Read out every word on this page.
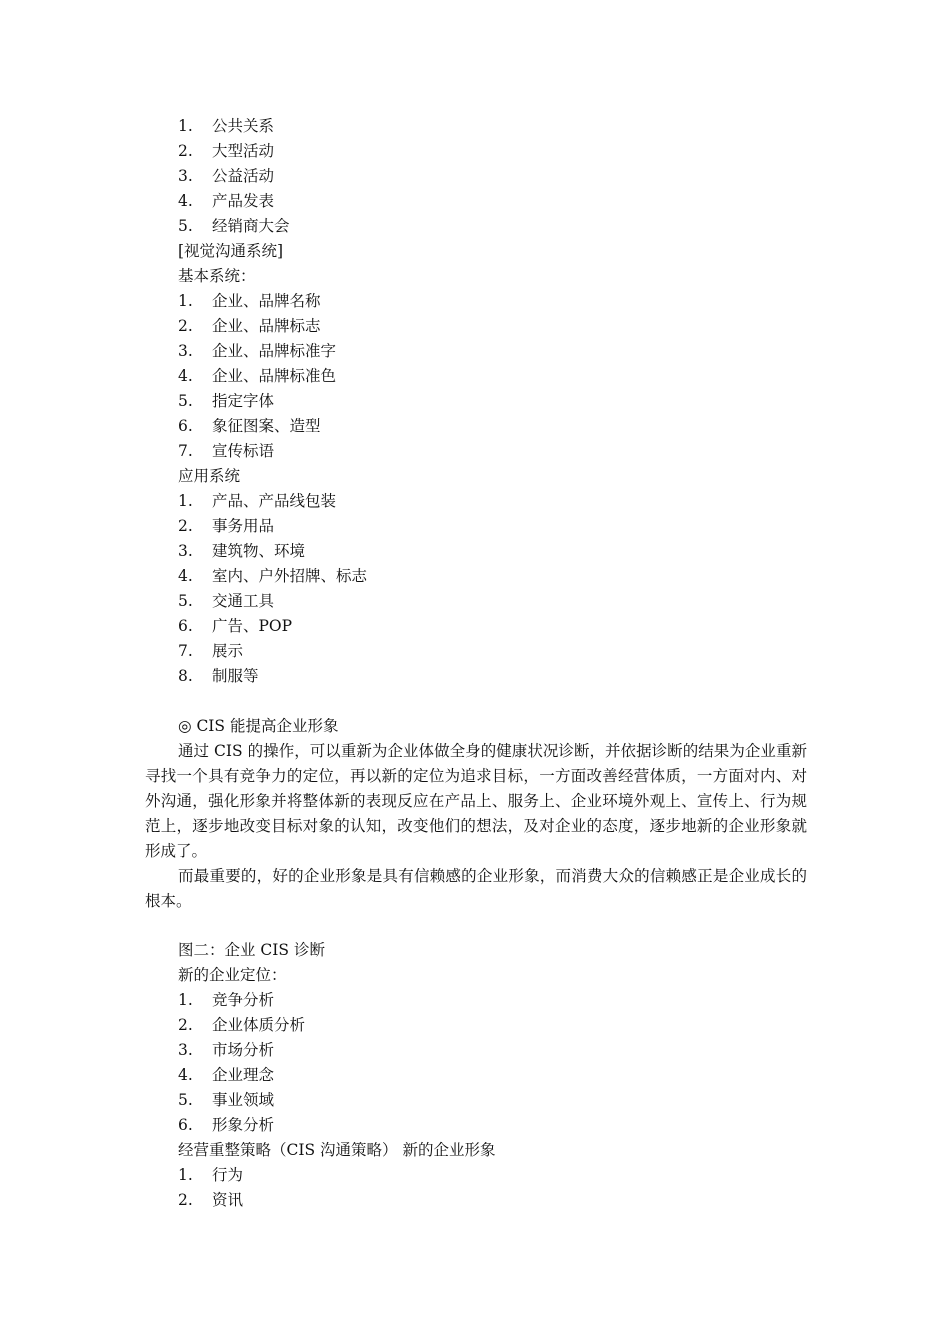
1. 公共关系
2. 大型活动
3. 公益活动
4. 产品发表
5. 经销商大会
[视觉沟通系统]
基本系统：
1. 企业、品牌名称
2. 企业、品牌标志
3. 企业、品牌标准字
4. 企业、品牌标准色
5. 指定字体
6. 象征图案、造型
7. 宣传标语
应用系统
1. 产品、产品线包装
2. 事务用品
3. 建筑物、环境
4. 室内、户外招牌、标志
5. 交通工具
6. 广告、POP
7. 展示
8. 制服等
◎ CIS 能提高企业形象

通过 CIS 的操作，可以重新为企业体做全身的健康状况诊断，并依据诊断的结果为企业重新寻找一个具有竞争力的定位，再以新的定位为追求目标，一方面改善经营体质，一方面对内、对外沟通，强化形象并将整体新的表现反应在产品上、服务上、企业环境外观上、宣传上、行为规范上，逐步地改变目标对象的认知，改变他们的想法，及对企业的态度，逐步地新的企业形象就形成了。

而最重要的，好的企业形象是具有信赖感的企业形象，而消费大众的信赖感正是企业成长的根本。

图二：企业 CIS 诊断
新的企业定位：
1. 竞争分析
2. 企业体质分析
3. 市场分析
4. 企业理念
5. 事业领域
6. 形象分析
经营重整策略（CIS 沟通策略） 新的企业形象
1. 行为
2. 资讯
